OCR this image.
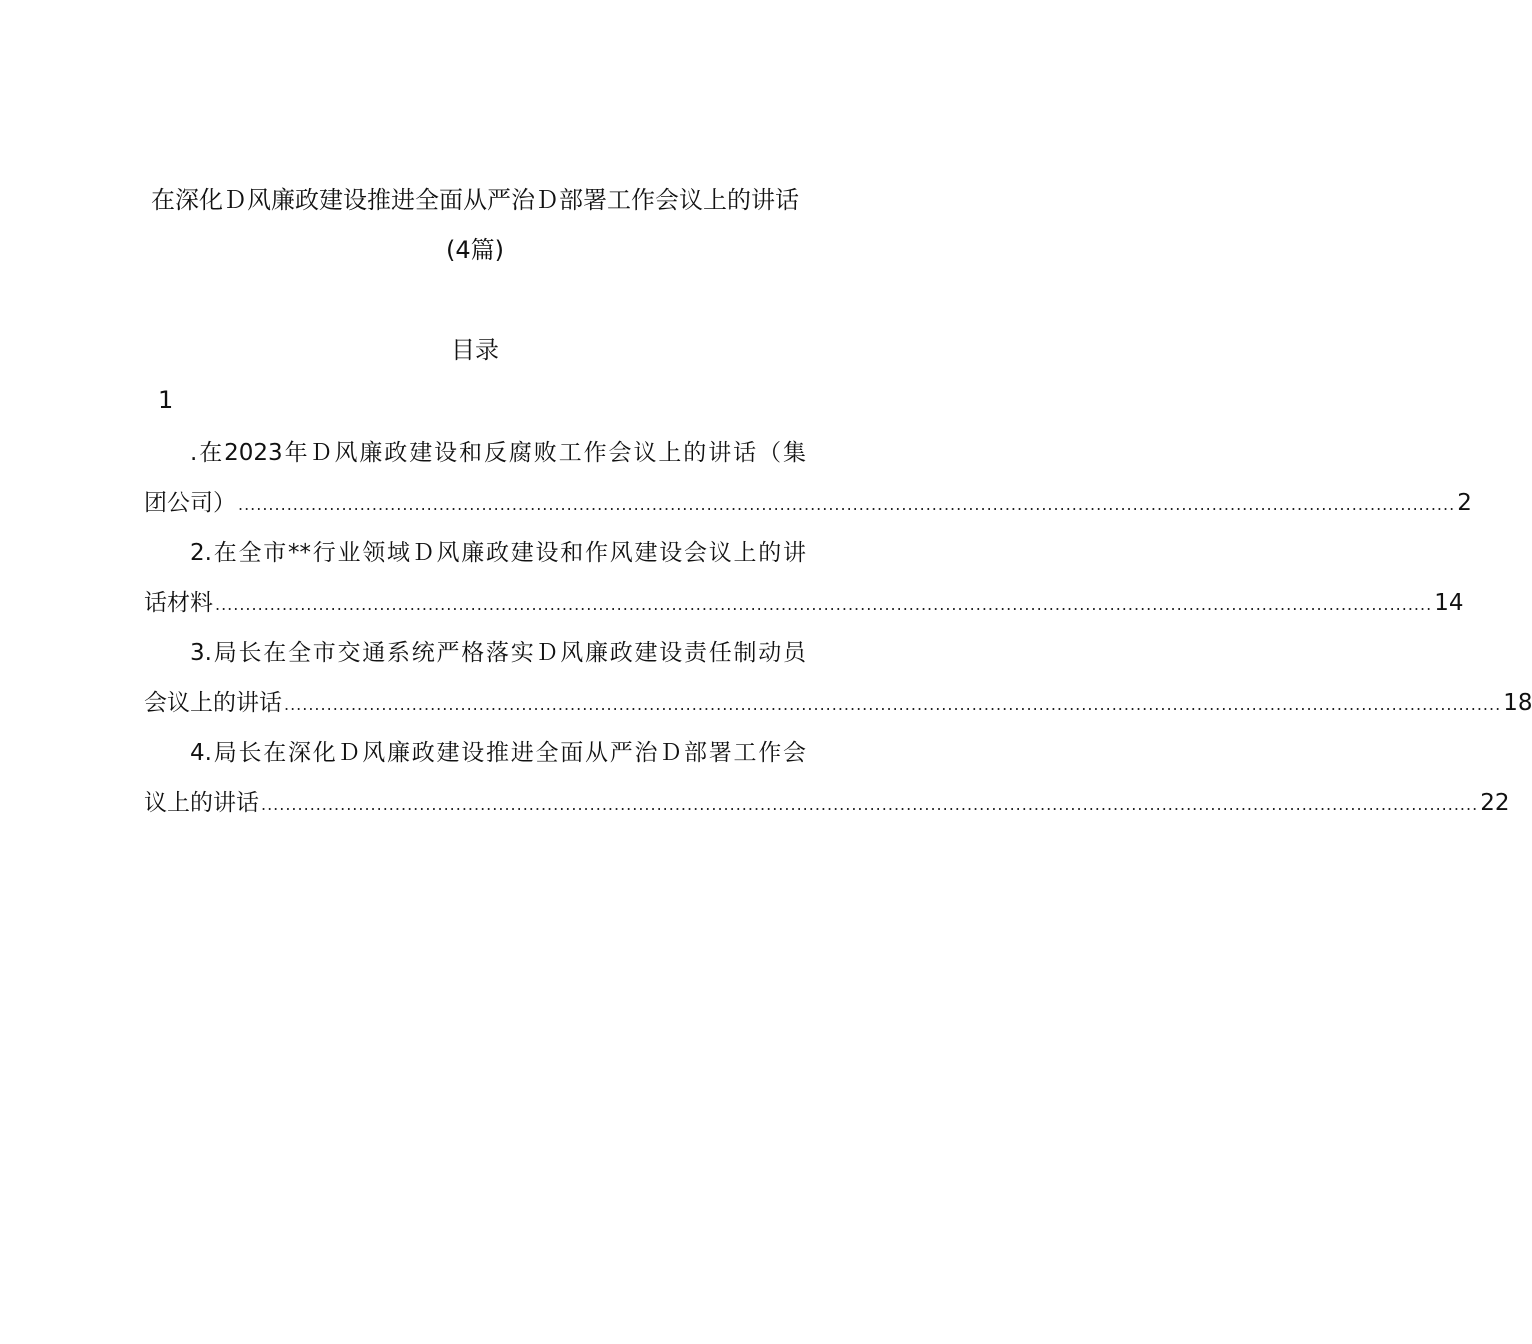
在深化Ｄ风廉政建设推进全面从严治Ｄ部署工作会议上的讲话
(4篇)
目录
1
.在2023年Ｄ风廉政建设和反腐败工作会议上的讲话（集
团公司） ........................................................................................................................................................................................................ 2
2.在全市**行业领域Ｄ风廉政建设和作风建设会议上的讲
话材料 ........................................................................................................................................................................................................ 14
3.局长在全市交通系统严格落实Ｄ风廉政建设责任制动员
会议上的讲话 ........................................................................................................................................................................................................ 18
4.局长在深化Ｄ风廉政建设推进全面从严治Ｄ部署工作会
议上的讲话 ........................................................................................................................................................................................................ 22
